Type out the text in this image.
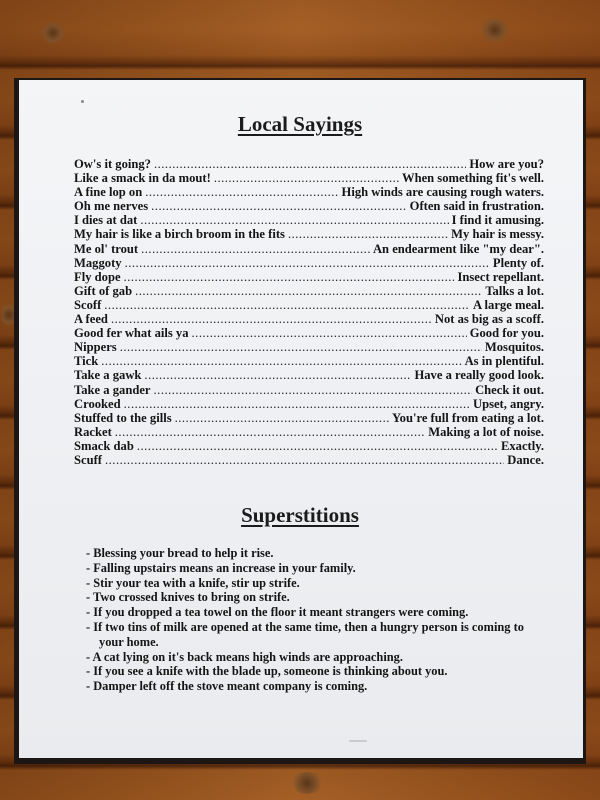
Local Sayings
Ow's it going? .....	How are you?
Like a smack in da mout! .....	When something fit's well.
A fine lop on .....	High winds are causing rough waters.
Oh me nerves .....	Often said in frustration.
I dies at dat .....	I find it amusing.
My hair is like a birch broom in the fits .....	My hair is messy.
Me ol' trout .....	An endearment like "my dear".
Maggoty .....	Plenty of.
Fly dope .....	Insect repellant.
Gift of gab .....	Talks a lot.
Scoff .....	A large meal.
A feed .....	Not as big as a scoff.
Good fer what ails ya .....	Good for you.
Nippers .....	Mosquitos.
Tick .....	As in plentiful.
Take a gawk .....	Have a really good look.
Take a gander .....	Check it out.
Crooked .....	Upset, angry.
Stuffed to the gills .....	You're full from eating a lot.
Racket .....	Making a lot of noise.
Smack dab .....	Exactly.
Scuff .....	Dance.
Superstitions
- Blessing your bread to help it rise.
- Falling upstairs means an increase in your family.
- Stir your tea with a knife, stir up strife.
- Two crossed knives to bring on strife.
- If you dropped a tea towel on the floor it meant strangers were coming.
- If two tins of milk are opened at the same time, then a hungry person is coming to your home.
- A cat lying on it's back means high winds are approaching.
- If you see a knife with the blade up, someone is thinking about you.
- Damper left off the stove meant company is coming.
